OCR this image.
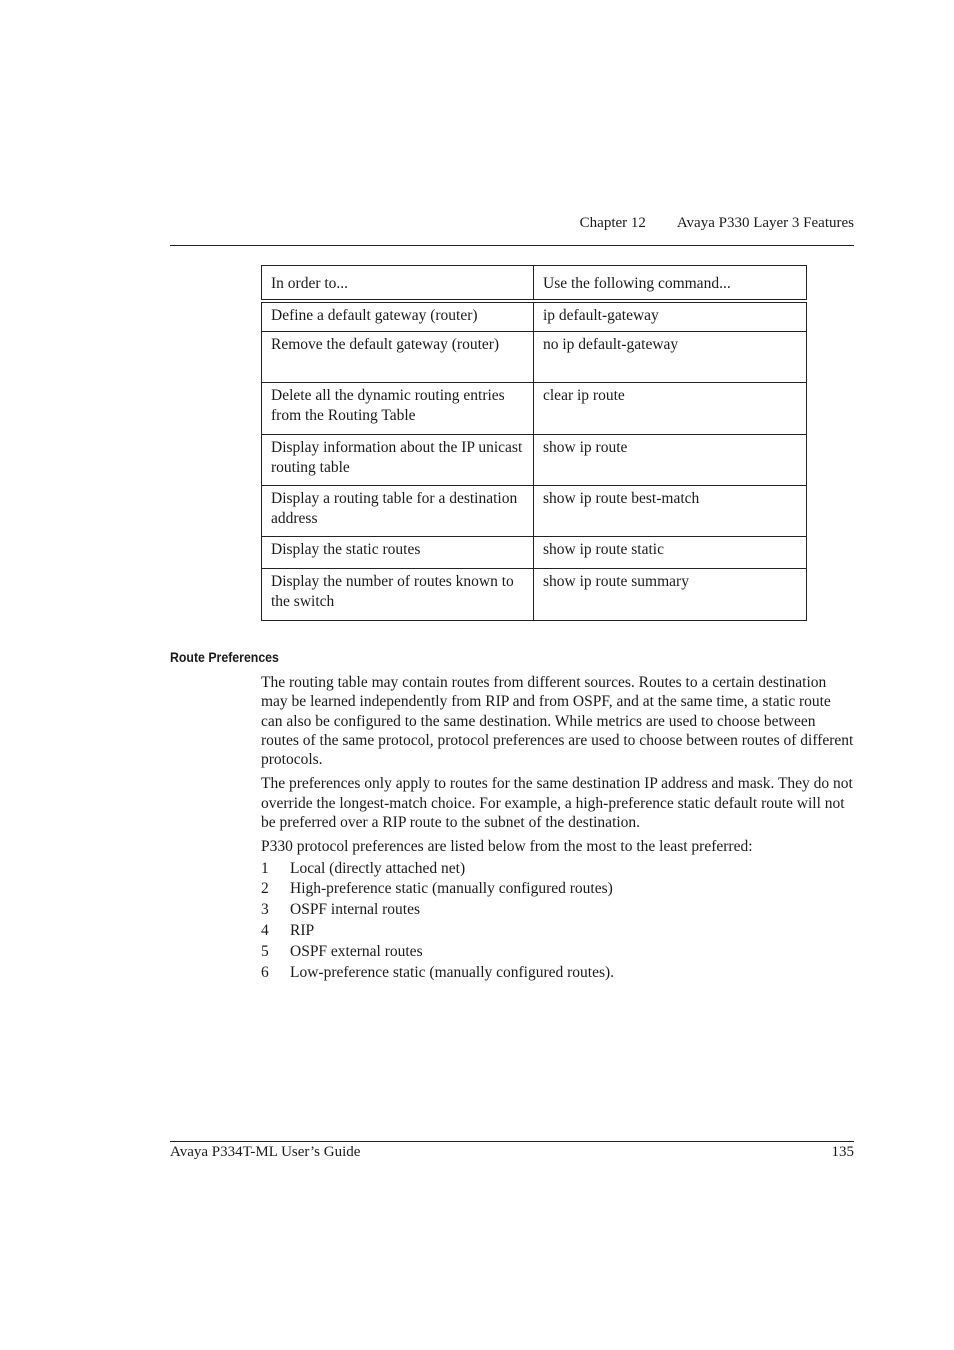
Chapter 12 Avaya P330 Layer 3 Features
In order to...	Use the following command...
Define a default gateway (router)	ip default-gateway
Remove the default gateway (router)	no ip default-gateway
Delete all the dynamic routing entries from the Routing Table	clear ip route
Display information about the IP unicast routing table	show ip route
Display a routing table for a destination address	show ip route best-match
Display the static routes	show ip route static
Display the number of routes known to the switch	show ip route summary
Route Preferences

The routing table may contain routes from different sources. Routes to a certain destination may be learned independently from RIP and from OSPF, and at the same time, a static route can also be configured to the same destination. While metrics are used to choose between routes of the same protocol, protocol preferences are used to choose between routes of different protocols.

The preferences only apply to routes for the same destination IP address and mask. They do not override the longest-match choice. For example, a high-preference static default route will not be preferred over a RIP route to the subnet of the destination.

P330 protocol preferences are listed below from the most to the least preferred:

1	Local (directly attached net)
2	High-preference static (manually configured routes)
3	OSPF internal routes
4	RIP
5	OSPF external routes
6	Low-preference static (manually configured routes).
Avaya P334T-ML User’s Guide	135
